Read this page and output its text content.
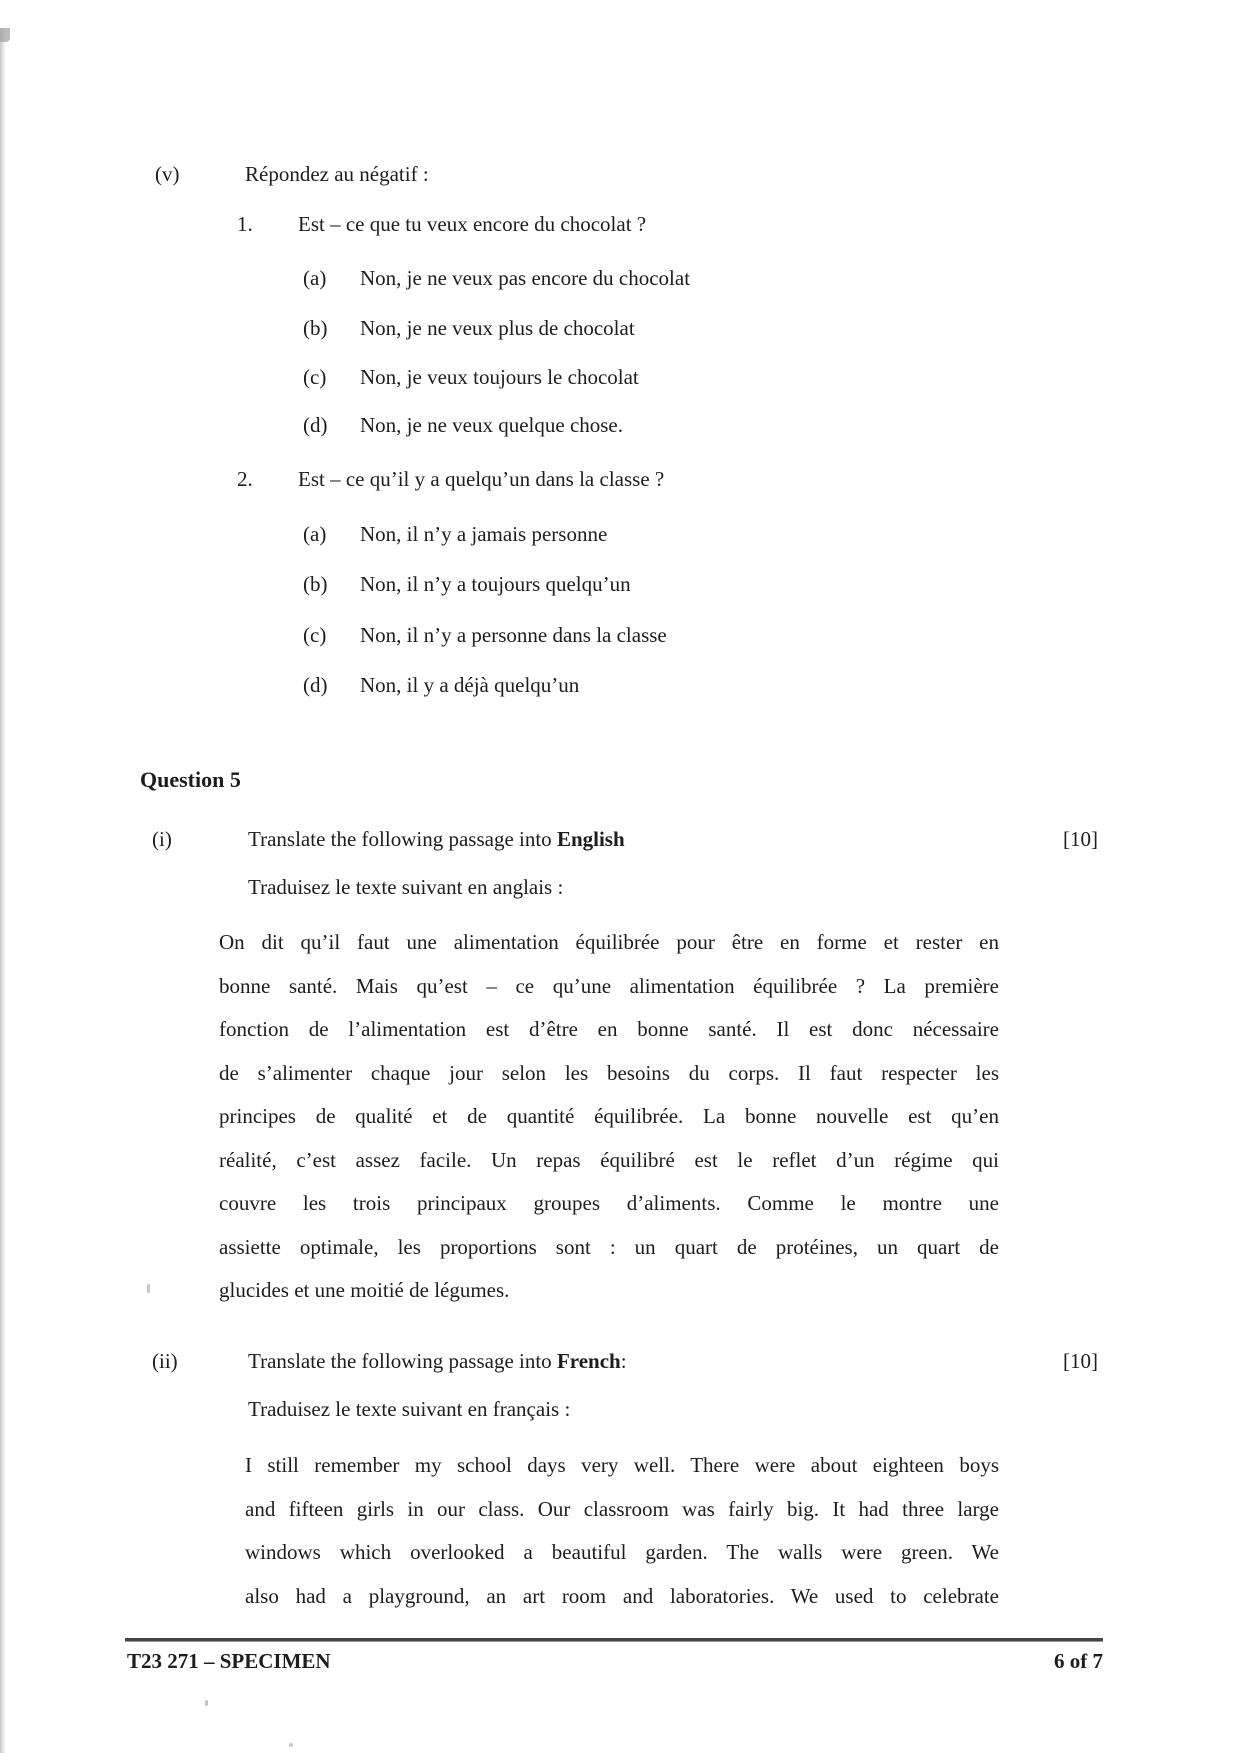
(v)	Répondez au négatif :
1. Est – ce que tu veux encore du chocolat ?
(a) Non, je ne veux pas encore du chocolat
(b) Non, je ne veux plus de chocolat
(c) Non, je veux toujours le chocolat
(d) Non, je ne veux quelque chose.
2. Est – ce qu’il y a quelqu’un dans la classe ?
(a) Non, il n’y a jamais personne
(b) Non, il n’y a toujours quelqu’un
(c) Non, il n’y a personne dans la classe
(d) Non, il y a déjà quelqu’un
Question 5
(i)	Translate the following passage into English	[10]
Traduisez le texte suivant en anglais :
On dit qu’il faut une alimentation équilibrée pour être en forme et rester en
bonne santé. Mais qu’est – ce qu’une alimentation équilibrée ? La première
fonction de l’alimentation est d’être en bonne santé. Il est donc nécessaire
de s’alimenter chaque jour selon les besoins du corps. Il faut respecter les
principes de qualité et de quantité équilibrée. La bonne nouvelle est qu’en
réalité, c’est assez facile. Un repas équilibré est le reflet d’un régime qui
couvre les trois principaux groupes d’aliments. Comme le montre une
assiette optimale, les proportions sont : un quart de protéines, un quart de
glucides et une moitié de légumes.
(ii)	Translate the following passage into French:	[10]
Traduisez le texte suivant en français :
I still remember my school days very well. There were about eighteen boys
and fifteen girls in our class. Our classroom was fairly big. It had three large
windows which overlooked a beautiful garden. The walls were green. We
also had a playground, an art room and laboratories. We used to celebrate
T23 271 – SPECIMEN	6 of 7
